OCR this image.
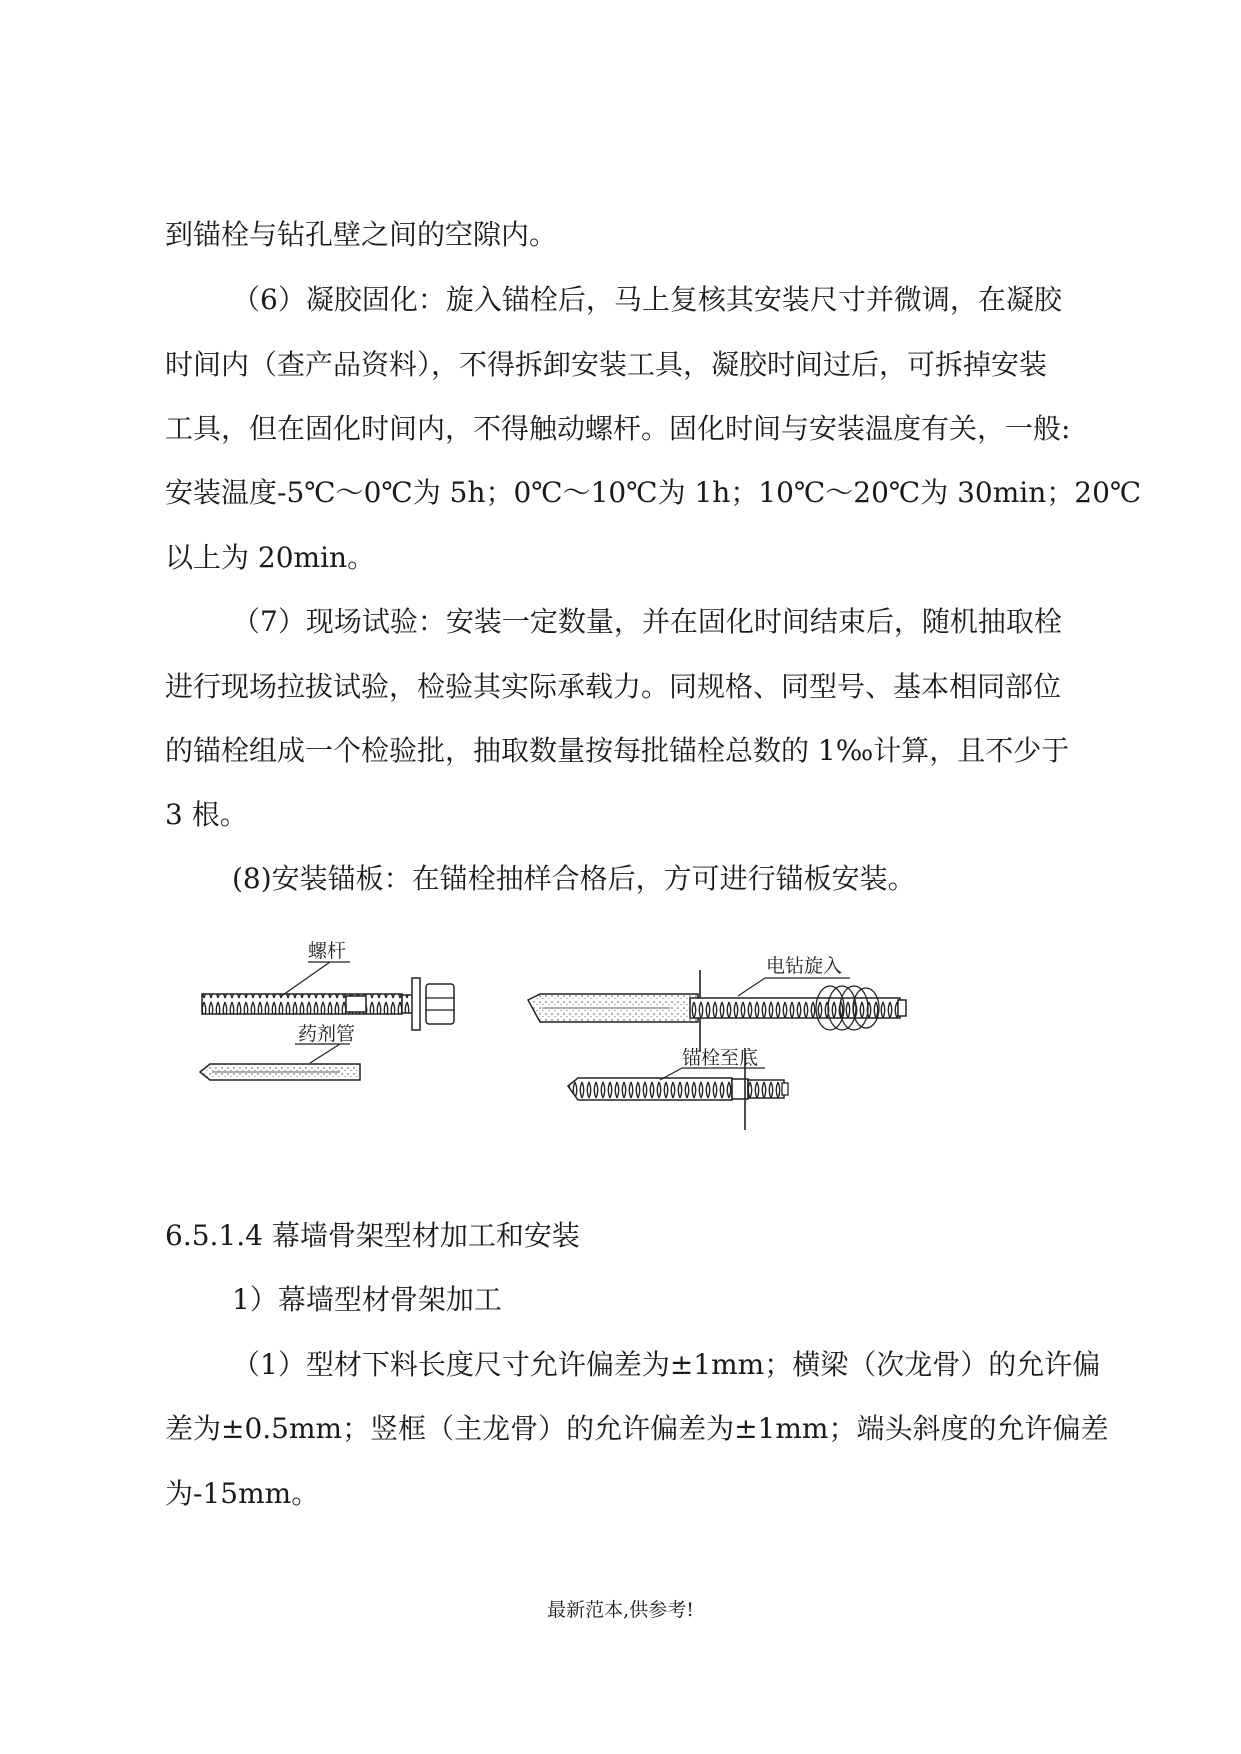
到锚栓与钻孔壁之间的空隙内。
（6）凝胶固化：旋入锚栓后，马上复核其安装尺寸并微调，在凝胶
时间内（查产品资料），不得拆卸安装工具，凝胶时间过后，可拆掉安装
工具，但在固化时间内，不得触动螺杆。固化时间与安装温度有关，一般:
安装温度-5℃～0℃为 5h；0℃～10℃为 1h；10℃～20℃为 30min；20℃
以上为 20min。
（7）现场试验：安装一定数量，并在固化时间结束后，随机抽取栓
进行现场拉拔试验，检验其实际承载力。同规格、同型号、基本相同部位
的锚栓组成一个检验批，抽取数量按每批锚栓总数的 1‰计算，且不少于
3 根。
(8)安装锚板：在锚栓抽样合格后，方可进行锚板安装。
螺杆
药剂管
电钻旋入
锚栓至底
6.5.1.4 幕墙骨架型材加工和安装
1）幕墙型材骨架加工
（1）型材下料长度尺寸允许偏差为±1mm；横梁（次龙骨）的允许偏
差为±0.5mm；竖框（主龙骨）的允许偏差为±1mm；端头斜度的允许偏差
为-15mm。
最新范本,供参考!
